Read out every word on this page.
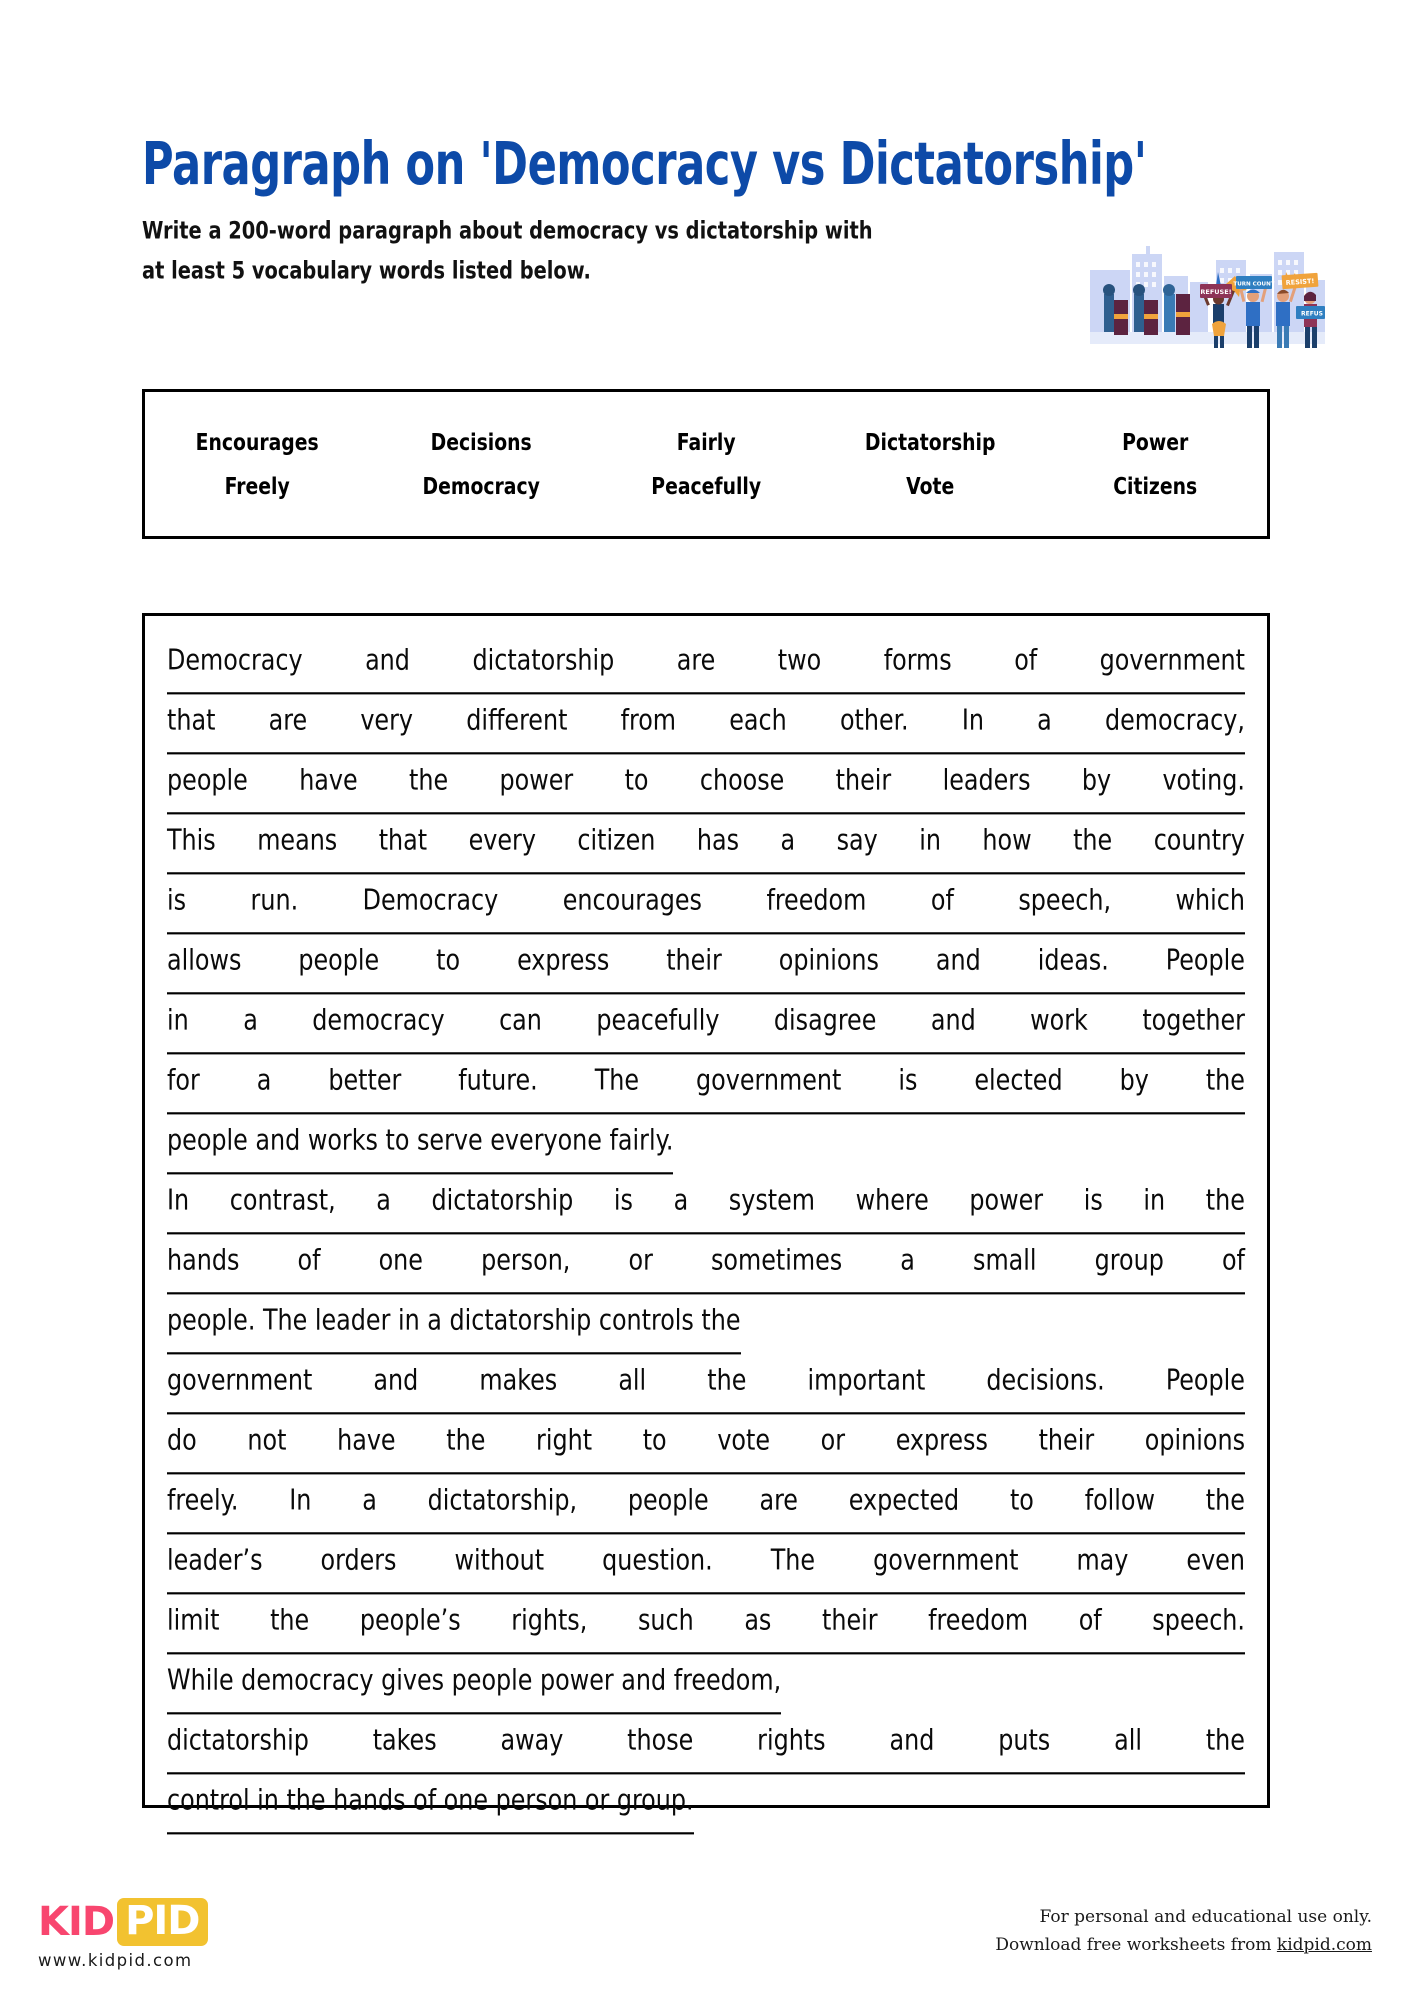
Paragraph on 'Democracy vs Dictatorship'

Write a 200-word paragraph about democracy vs dictatorship with
at least 5 vocabulary words listed below.

REFUSE!
TURN COUNT RESIST!
REFUS
Encourages	Decisions	Fairly	Dictatorship	Power
Freely	Democracy	Peacefully	Vote	Citizens
Democracy and dictatorship are two forms of government
that are very different from each other. In a democracy,
people have the power to choose their leaders by voting.
This means that every citizen has a say in how the country
is run. Democracy encourages freedom of speech, which
allows people to express their opinions and ideas. People
in a democracy can peacefully disagree and work together
for a better future. The government is elected by the
people and works to serve everyone fairly.
In contrast, a dictatorship is a system where power is in the
hands of one person, or sometimes a small group of
people. The leader in a dictatorship controls the
government and makes all the important decisions. People
do not have the right to vote or express their opinions
freely. In a dictatorship, people are expected to follow the
leader’s orders without question. The government may even
limit the people’s rights, such as their freedom of speech.
While democracy gives people power and freedom,
dictatorship takes away those rights and puts all the
control in the hands of one person or group.
KID PID
www.kidpid.com
For personal and educational use only.
Download free worksheets from kidpid.com
